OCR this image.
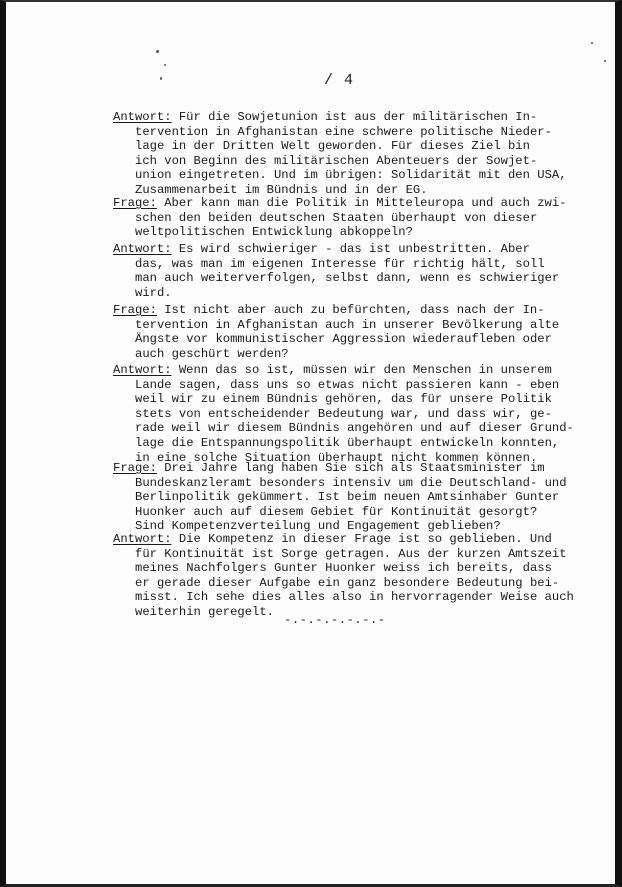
/ 4

Antwort: Für die Sowjetunion ist aus der militärischen In-
tervention in Afghanistan eine schwere politische Nieder-
lage in der Dritten Welt geworden. Für dieses Ziel bin
ich von Beginn des militärischen Abenteuers der Sowjet-
union eingetreten. Und im übrigen: Solidarität mit den USA,
Zusammenarbeit im Bündnis und in der EG.
Frage: Aber kann man die Politik in Mitteleuropa und auch zwi-
schen den beiden deutschen Staaten überhaupt von dieser
weltpolitischen Entwicklung abkoppeln?
Antwort: Es wird schwieriger - das ist unbestritten. Aber
das, was man im eigenen Interesse für richtig hält, soll
man auch weiterverfolgen, selbst dann, wenn es schwieriger
wird.
Frage: Ist nicht aber auch zu befürchten, dass nach der In-
tervention in Afghanistan auch in unserer Bevölkerung alte
Ängste vor kommunistischer Aggression wiederaufleben oder
auch geschürt werden?
Antwort: Wenn das so ist, müssen wir den Menschen in unserem
Lande sagen, dass uns so etwas nicht passieren kann - eben
weil wir zu einem Bündnis gehören, das für unsere Politik
stets von entscheidender Bedeutung war, und dass wir, ge-
rade weil wir diesem Bündnis angehören und auf dieser Grund-
lage die Entspannungspolitik überhaupt entwickeln konnten,
in eine solche Situation überhaupt nicht kommen können.
Frage: Drei Jahre lang haben Sie sich als Staatsminister im
Bundeskanzleramt besonders intensiv um die Deutschland- und
Berlinpolitik gekümmert. Ist beim neuen Amtsinhaber Gunter
Huonker auch auf diesem Gebiet für Kontinuität gesorgt?
Sind Kompetenzverteilung und Engagement geblieben?
Antwort: Die Kompetenz in dieser Frage ist so geblieben. Und
für Kontinuität ist Sorge getragen. Aus der kurzen Amtszeit
meines Nachfolgers Gunter Huonker weiss ich bereits, dass
er gerade dieser Aufgabe ein ganz besondere Bedeutung bei-
misst. Ich sehe dies alles also in hervorragender Weise auch
weiterhin geregelt.

-.-.-.-.-.-.-
